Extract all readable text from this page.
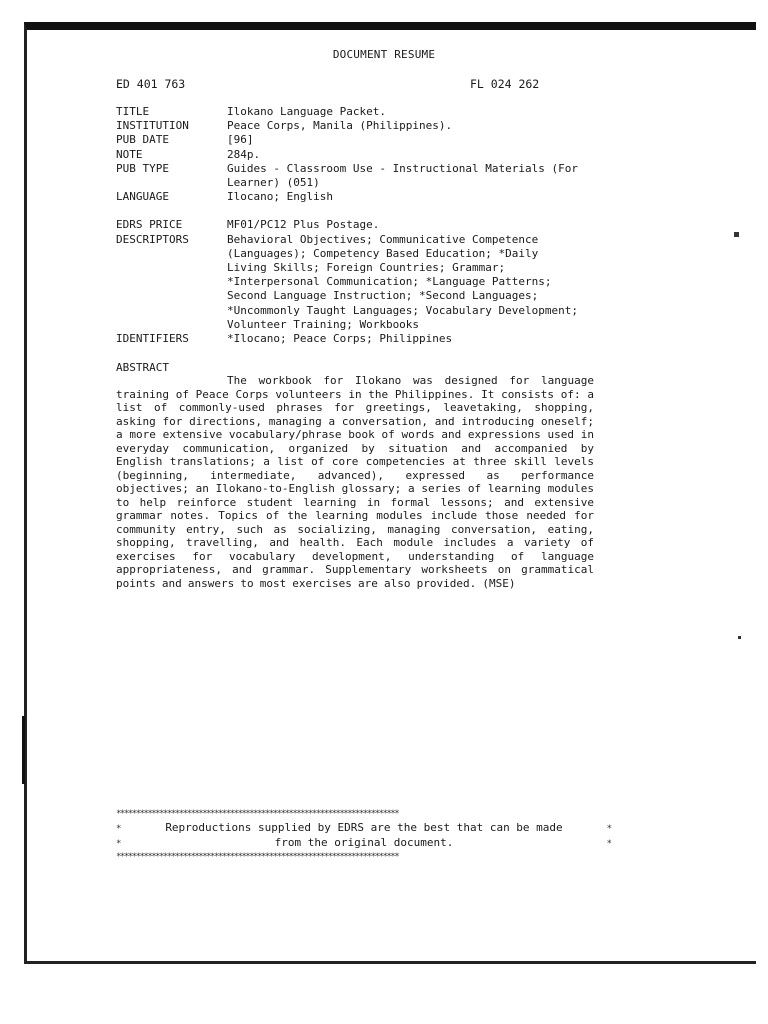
DOCUMENT RESUME
ED 401 763	FL 024 262
TITLE	Ilokano Language Packet.
INSTITUTION	Peace Corps, Manila (Philippines).
PUB DATE	[96]
NOTE	284p.
PUB TYPE	Guides - Classroom Use - Instructional Materials (For
Learner) (051)
LANGUAGE	Ilocano; English
EDRS PRICE	MF01/PC12 Plus Postage.
DESCRIPTORS	Behavioral Objectives; Communicative Competence
(Languages); Competency Based Education; *Daily
Living Skills; Foreign Countries; Grammar;
*Interpersonal Communication; *Language Patterns;
Second Language Instruction; *Second Languages;
*Uncommonly Taught Languages; Vocabulary Development;
Volunteer Training; Workbooks
IDENTIFIERS	*Ilocano; Peace Corps; Philippines
ABSTRACT
The workbook for Ilokano was designed for language training of Peace Corps volunteers in the Philippines. It consists of: a list of commonly-used phrases for greetings, leavetaking, shopping, asking for directions, managing a conversation, and introducing oneself; a more extensive vocabulary/phrase book of words and expressions used in everyday communication, organized by situation and accompanied by English translations; a list of core competencies at three skill levels (beginning, intermediate, advanced), expressed as performance objectives; an Ilokano-to-English glossary; a series of learning modules to help reinforce student learning in formal lessons; and extensive grammar notes. Topics of the learning modules include those needed for community entry, such as socializing, managing conversation, eating, shopping, travelling, and health. Each module includes a variety of exercises for vocabulary development, understanding of language appropriateness, and grammar. Supplementary worksheets on grammatical points and answers to most exercises are also provided. (MSE)
************************************************************************
*	Reproductions supplied by EDRS are the best that can be made	*
*	from the original document.	*
************************************************************************
